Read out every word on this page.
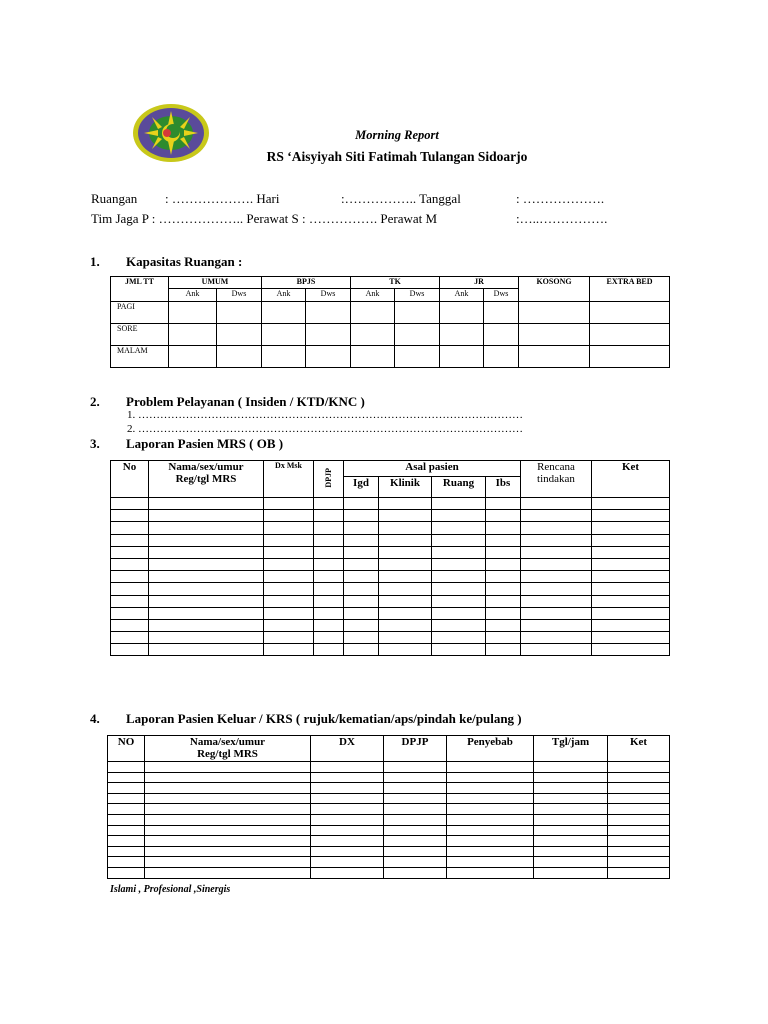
Morning Report
RS ‘Aisyiyah Siti Fatimah Tulangan Sidoarjo
Ruangan : ………………. Hari	:…………….. Tanggal	: ……………….
Tim Jaga P : ……………….. Perawat S : ……………. Perawat M	:…..…………….
1. Kapasitas Ruangan :
JML TT	UMUM		BPJS		TK		JR		KOSONG	EXTRA BED
	Ank	Dws	Ank	Dws	Ank	Dws	Ank	Dws		
PAGI										
SORE										
MALAM										
2. Problem Pelayanan ( Insiden / KTD/KNC )
1. ……………………………………………………………………………………………
2. ……………………………………………………………………………………………
3. Laporan Pasien MRS ( OB )
No	Nama/sex/umur Reg/tgl MRS	Dx Msk	DPJP	Asal pasien				Rencana tindakan	Ket
				Igd	Klinik	Ruang	Ibs		

4. Laporan Pasien Keluar / KRS ( rujuk/kematian/aps/pindah ke/pulang )
NO	Nama/sex/umur Reg/tgl MRS	DX	DPJP	Penyebab	Tgl/jam	Ket

Islami , Profesional ,Sinergis
